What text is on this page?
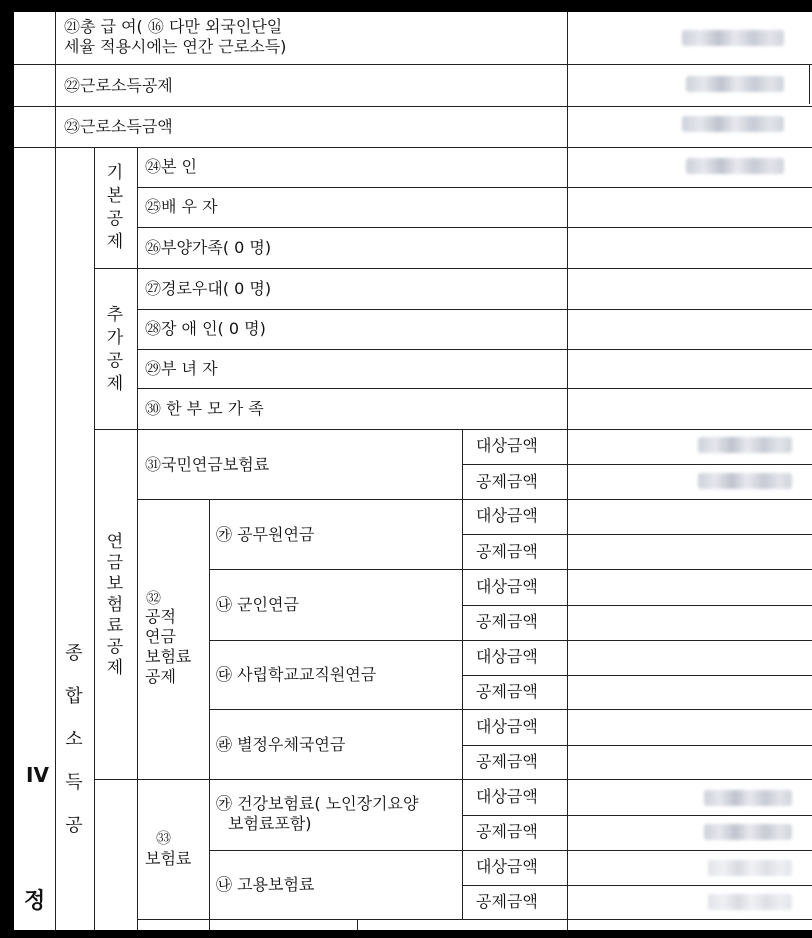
IV
정
종합소득공
㉑총 급 여( ⑯ 다만 외국인단일
세율 적용시에는 연간 근로소득)
㉒근로소득공제
㉓근로소득금액
기본공제
㉔본 인
㉕배 우 자
㉖부양가족( 0 명)
추가공제
㉗경로우대( 0 명)
㉘장 애 인( 0 명)
㉙부 녀 자
㉚ 한 부 모 가 족
연금보험료공제
㉛국민연금보험료
㉜
공적
연금
보험료
공제
㉮ 공무원연금
㉯ 군인연금
㉰ 사립학교교직원연금
㉱ 별정우체국연금
㉝
보험료
㉮ 건강보험료( 노인장기요양
보험료포함)
㉯ 고용보험료
대상금액
공제금액
대상금액
공제금액
대상금액
공제금액
대상금액
공제금액
대상금액
공제금액
대상금액
공제금액
대상금액
공제금액
